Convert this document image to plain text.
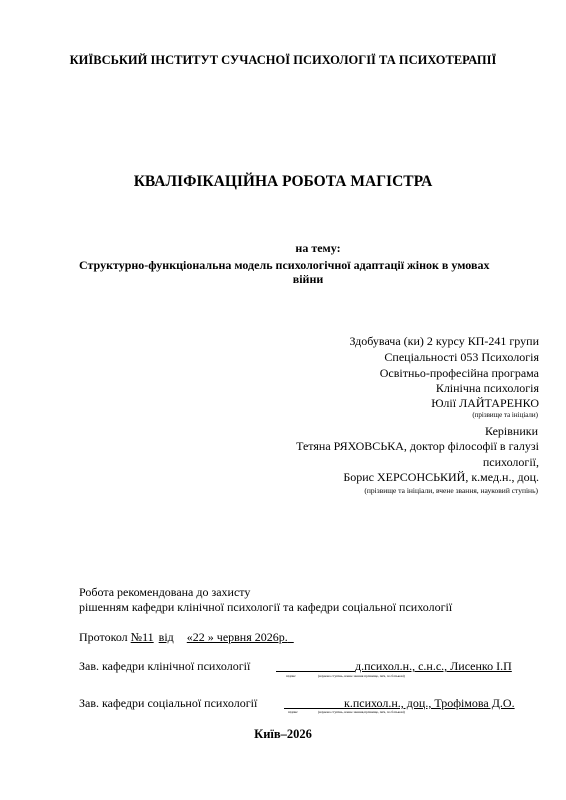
КИЇВСЬКИЙ ІНСТИТУТ СУЧАСНОЇ ПСИХОЛОГІЇ ТА ПСИХОТЕРАПІЇ
КВАЛІФІКАЦІЙНА РОБОТА МАГІСТРА
на тему:
Структурно-функціональна модель психологічної адаптації жінок в умовах
війни
Здобувача (ки) 2 курсу КП-241 групи
Спеціальності 053 Психологія
Освітньо-професійна програма
Клінічна психологія
Юлії ЛАЙТАРЕНКО
(прізвище та ініціали)
Керівники
Тетяна РЯХОВСЬКА, доктор філософії в галузі
психології,
Борис ХЕРСОНСЬКИЙ, к.мед.н., доц.
(прізвище та ініціали, вчене звання, науковий ступінь)
Робота рекомендована до захисту
рішенням кафедри клінічної психології та кафедри соціальної психології
Протокол №11 від «22 » червня 2026р.
Зав. кафедри клінічної психології	д.психол.н., с.н.с., Лисенко І.П
підпис	(наукова ступінь, вчене звання прізвище, ім'я, по батькові)
Зав. кафедри соціальної психології	к.психол.н., доц., Трофімова Д.О.
підпис	(наукова ступінь, вчене звання,прізвище, ім'я, по батькові)
Київ–2026
